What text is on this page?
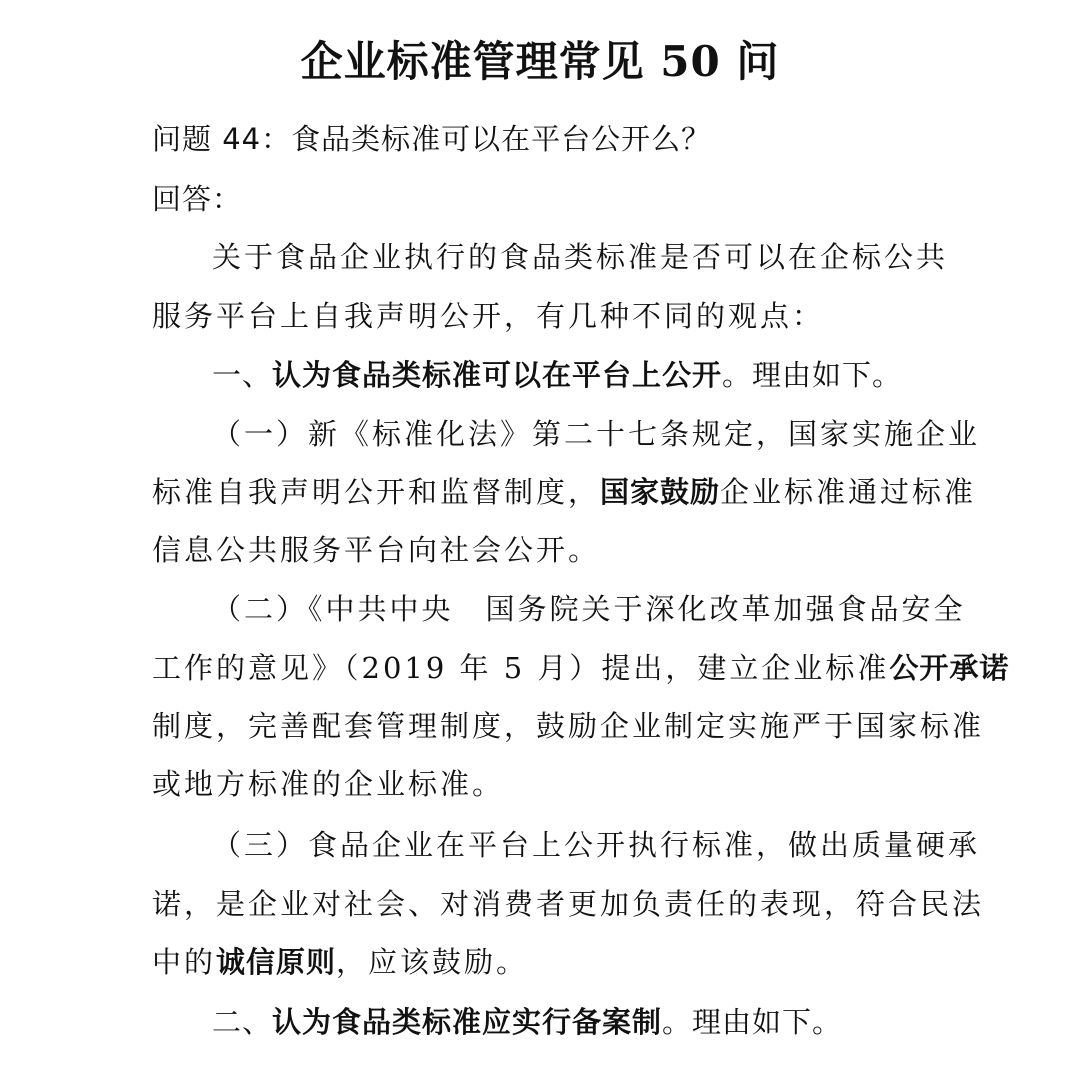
企业标准管理常见 50 问
问题 44：食品类标准可以在平台公开么？
回答：
关于食品企业执行的食品类标准是否可以在企标公共
服务平台上自我声明公开，有几种不同的观点：
一、认为食品类标准可以在平台上公开。理由如下。
（一）新《标准化法》第二十七条规定，国家实施企业
标准自我声明公开和监督制度，国家鼓励企业标准通过标准
信息公共服务平台向社会公开。
（二）《中共中央　国务院关于深化改革加强食品安全
工作的意见》（2019 年 5 月）提出，建立企业标准公开承诺
制度，完善配套管理制度，鼓励企业制定实施严于国家标准
或地方标准的企业标准。
（三）食品企业在平台上公开执行标准，做出质量硬承
诺，是企业对社会、对消费者更加负责任的表现，符合民法
中的诚信原则，应该鼓励。
二、认为食品类标准应实行备案制。理由如下。
